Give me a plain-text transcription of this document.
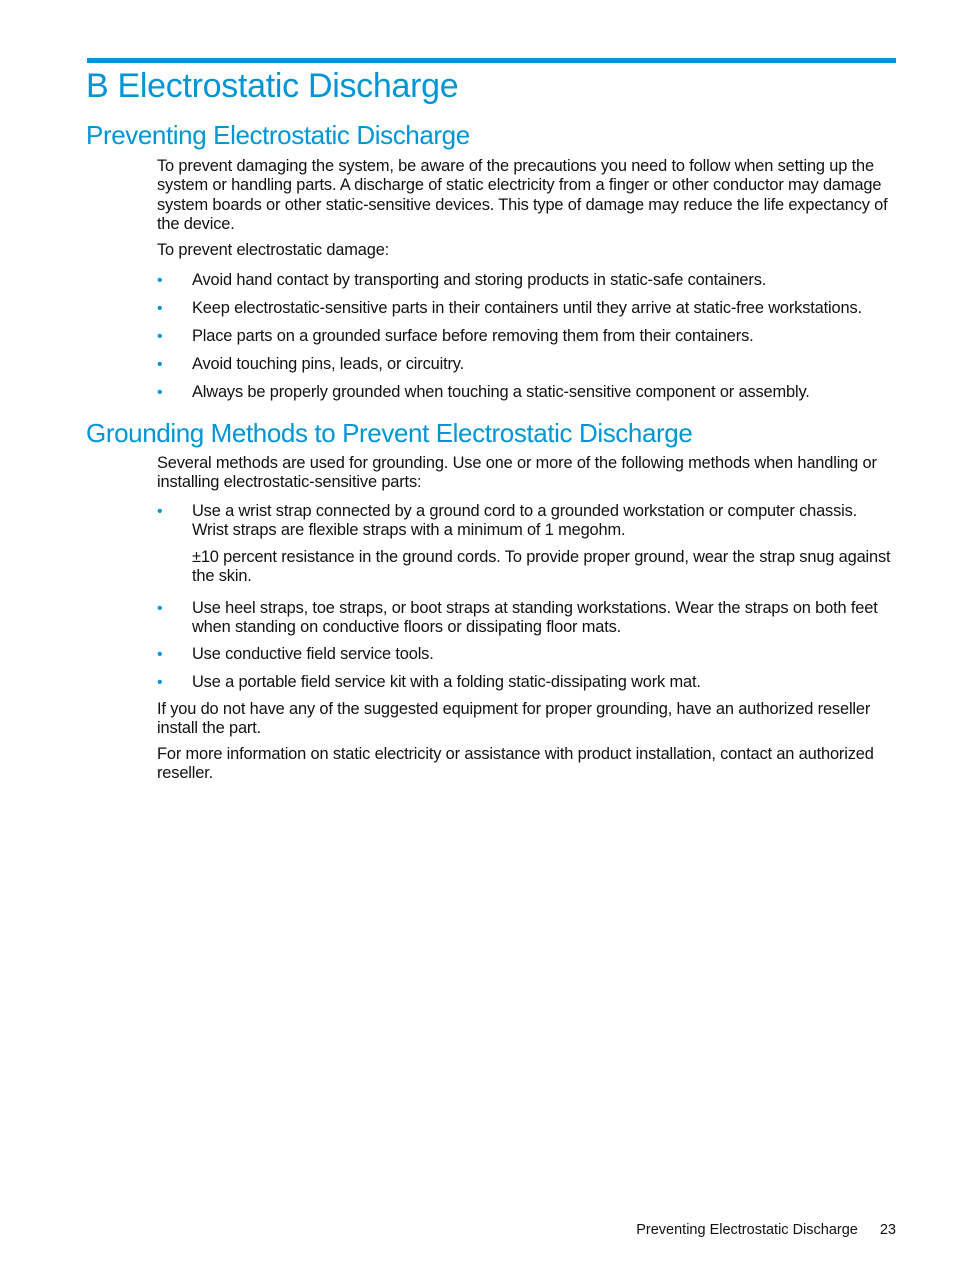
B Electrostatic Discharge
Preventing Electrostatic Discharge

To prevent damaging the system, be aware of the precautions you need to follow when setting up the system or handling parts. A discharge of static electricity from a finger or other conductor may damage system boards or other static-sensitive devices. This type of damage may reduce the life expectancy of the device.

To prevent electrostatic damage:

•	Avoid hand contact by transporting and storing products in static-safe containers.
•	Keep electrostatic-sensitive parts in their containers until they arrive at static-free workstations.
•	Place parts on a grounded surface before removing them from their containers.
•	Avoid touching pins, leads, or circuitry.
•	Always be properly grounded when touching a static-sensitive component or assembly.
Grounding Methods to Prevent Electrostatic Discharge

Several methods are used for grounding. Use one or more of the following methods when handling or installing electrostatic-sensitive parts:

•	Use a wrist strap connected by a ground cord to a grounded workstation or computer chassis. Wrist straps are flexible straps with a minimum of 1 megohm.

±10 percent resistance in the ground cords. To provide proper ground, wear the strap snug against the skin.

•	Use heel straps, toe straps, or boot straps at standing workstations. Wear the straps on both feet when standing on conductive floors or dissipating floor mats.
•	Use conductive field service tools.
•	Use a portable field service kit with a folding static-dissipating work mat.

If you do not have any of the suggested equipment for proper grounding, have an authorized reseller install the part.

For more information on static electricity or assistance with product installation, contact an authorized reseller.

Preventing Electrostatic Discharge 23
